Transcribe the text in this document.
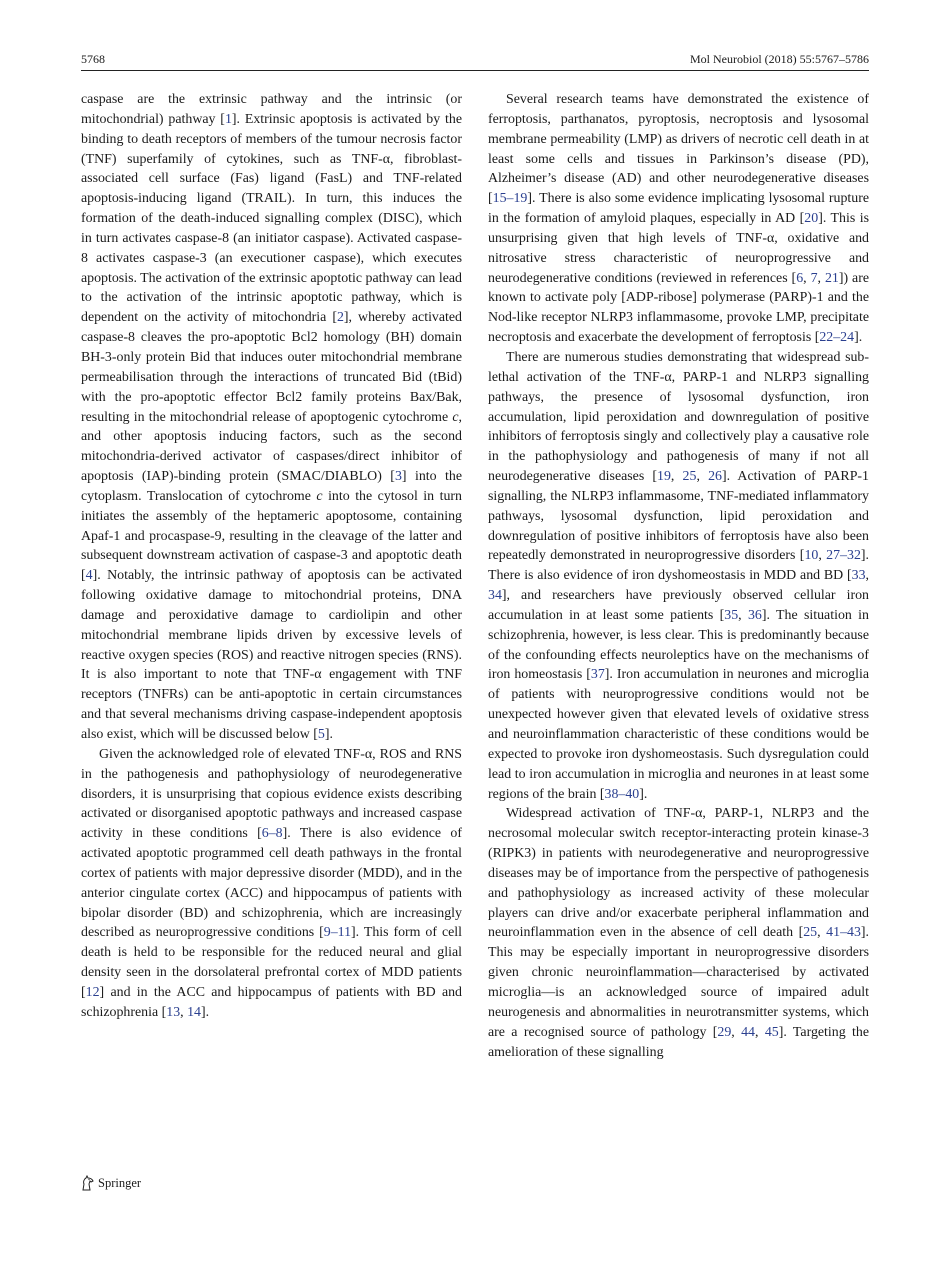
5768	Mol Neurobiol (2018) 55:5767–5786

caspase are the extrinsic pathway and the intrinsic (or mitochondrial) pathway [1]. Extrinsic apoptosis is activated by the binding to death receptors of members of the tumour necrosis factor (TNF) superfamily of cytokines, such as TNF-α, fibroblast-associated cell surface (Fas) ligand (FasL) and TNF-related apoptosis-inducing ligand (TRAIL). In turn, this induces the formation of the death-induced signalling complex (DISC), which in turn activates caspase-8 (an initiator caspase). Activated caspase-8 activates caspase-3 (an executioner caspase), which executes apoptosis. The activation of the extrinsic apoptotic pathway can lead to the activation of the intrinsic apoptotic pathway, which is dependent on the activity of mitochondria [2], whereby activated caspase-8 cleaves the pro-apoptotic Bcl2 homology (BH) domain BH-3-only protein Bid that induces outer mitochondrial membrane permeabilisation through the interactions of truncated Bid (tBid) with the pro-apoptotic effector Bcl2 family proteins Bax/Bak, resulting in the mitochondrial release of apoptogenic cytochrome c, and other apoptosis inducing factors, such as the second mitochondria-derived activator of caspases/direct inhibitor of apoptosis (IAP)-binding protein (SMAC/DIABLO) [3] into the cytoplasm. Translocation of cytochrome c into the cytosol in turn initiates the assembly of the heptameric apoptosome, containing Apaf-1 and procaspase-9, resulting in the cleavage of the latter and subsequent downstream activation of caspase-3 and apoptotic death [4]. Notably, the intrinsic pathway of apoptosis can be activated following oxidative damage to mitochondrial proteins, DNA damage and peroxidative damage to cardiolipin and other mitochondrial membrane lipids driven by excessive levels of reactive oxygen species (ROS) and reactive nitrogen species (RNS). It is also important to note that TNF-α engagement with TNF receptors (TNFRs) can be anti-apoptotic in certain circumstances and that several mechanisms driving caspase-independent apoptosis also exist, which will be discussed below [5].

Given the acknowledged role of elevated TNF-α, ROS and RNS in the pathogenesis and pathophysiology of neurodegenerative disorders, it is unsurprising that copious evidence exists describing activated or disorganised apoptotic pathways and increased caspase activity in these conditions [6–8]. There is also evidence of activated apoptotic programmed cell death pathways in the frontal cortex of patients with major depressive disorder (MDD), and in the anterior cingulate cortex (ACC) and hippocampus of patients with bipolar disorder (BD) and schizophrenia, which are increasingly described as neuroprogressive conditions [9–11]. This form of cell death is held to be responsible for the reduced neural and glial density seen in the dorsolateral prefrontal cortex of MDD patients [12] and in the ACC and hippocampus of patients with BD and schizophrenia [13, 14].

Several research teams have demonstrated the existence of ferroptosis, parthanatos, pyroptosis, necroptosis and lysosomal membrane permeability (LMP) as drivers of necrotic cell death in at least some cells and tissues in Parkinson’s disease (PD), Alzheimer’s disease (AD) and other neurodegenerative diseases [15–19]. There is also some evidence implicating lysosomal rupture in the formation of amyloid plaques, especially in AD [20]. This is unsurprising given that high levels of TNF-α, oxidative and nitrosative stress characteristic of neuroprogressive and neurodegenerative conditions (reviewed in references [6, 7, 21]) are known to activate poly [ADP-ribose] polymerase (PARP)-1 and the Nod-like receptor NLRP3 inflammasome, provoke LMP, precipitate necroptosis and exacerbate the development of ferroptosis [22–24].

There are numerous studies demonstrating that widespread sub-lethal activation of the TNF-α, PARP-1 and NLRP3 signalling pathways, the presence of lysosomal dysfunction, iron accumulation, lipid peroxidation and downregulation of positive inhibitors of ferroptosis singly and collectively play a causative role in the pathophysiology and pathogenesis of many if not all neurodegenerative diseases [19, 25, 26]. Activation of PARP-1 signalling, the NLRP3 inflammasome, TNF-mediated inflammatory pathways, lysosomal dysfunction, lipid peroxidation and downregulation of positive inhibitors of ferroptosis have also been repeatedly demonstrated in neuroprogressive disorders [10, 27–32]. There is also evidence of iron dyshomeostasis in MDD and BD [33, 34], and researchers have previously observed cellular iron accumulation in at least some patients [35, 36]. The situation in schizophrenia, however, is less clear. This is predominantly because of the confounding effects neuroleptics have on the mechanisms of iron homeostasis [37]. Iron accumulation in neurones and microglia of patients with neuroprogressive conditions would not be unexpected however given that elevated levels of oxidative stress and neuroinflammation characteristic of these conditions would be expected to provoke iron dyshomeostasis. Such dysregulation could lead to iron accumulation in microglia and neurones in at least some regions of the brain [38–40].

Widespread activation of TNF-α, PARP-1, NLRP3 and the necrosomal molecular switch receptor-interacting protein kinase-3 (RIPK3) in patients with neurodegenerative and neuroprogressive diseases may be of importance from the perspective of pathogenesis and pathophysiology as increased activity of these molecular players can drive and/or exacerbate peripheral inflammation and neuroinflammation even in the absence of cell death [25, 41–43]. This may be especially important in neuroprogressive disorders given chronic neuroinflammation—characterised by activated microglia—is an acknowledged source of impaired adult neurogenesis and abnormalities in neurotransmitter systems, which are a recognised source of pathology [29, 44, 45]. Targeting the amelioration of these signalling

Springer
